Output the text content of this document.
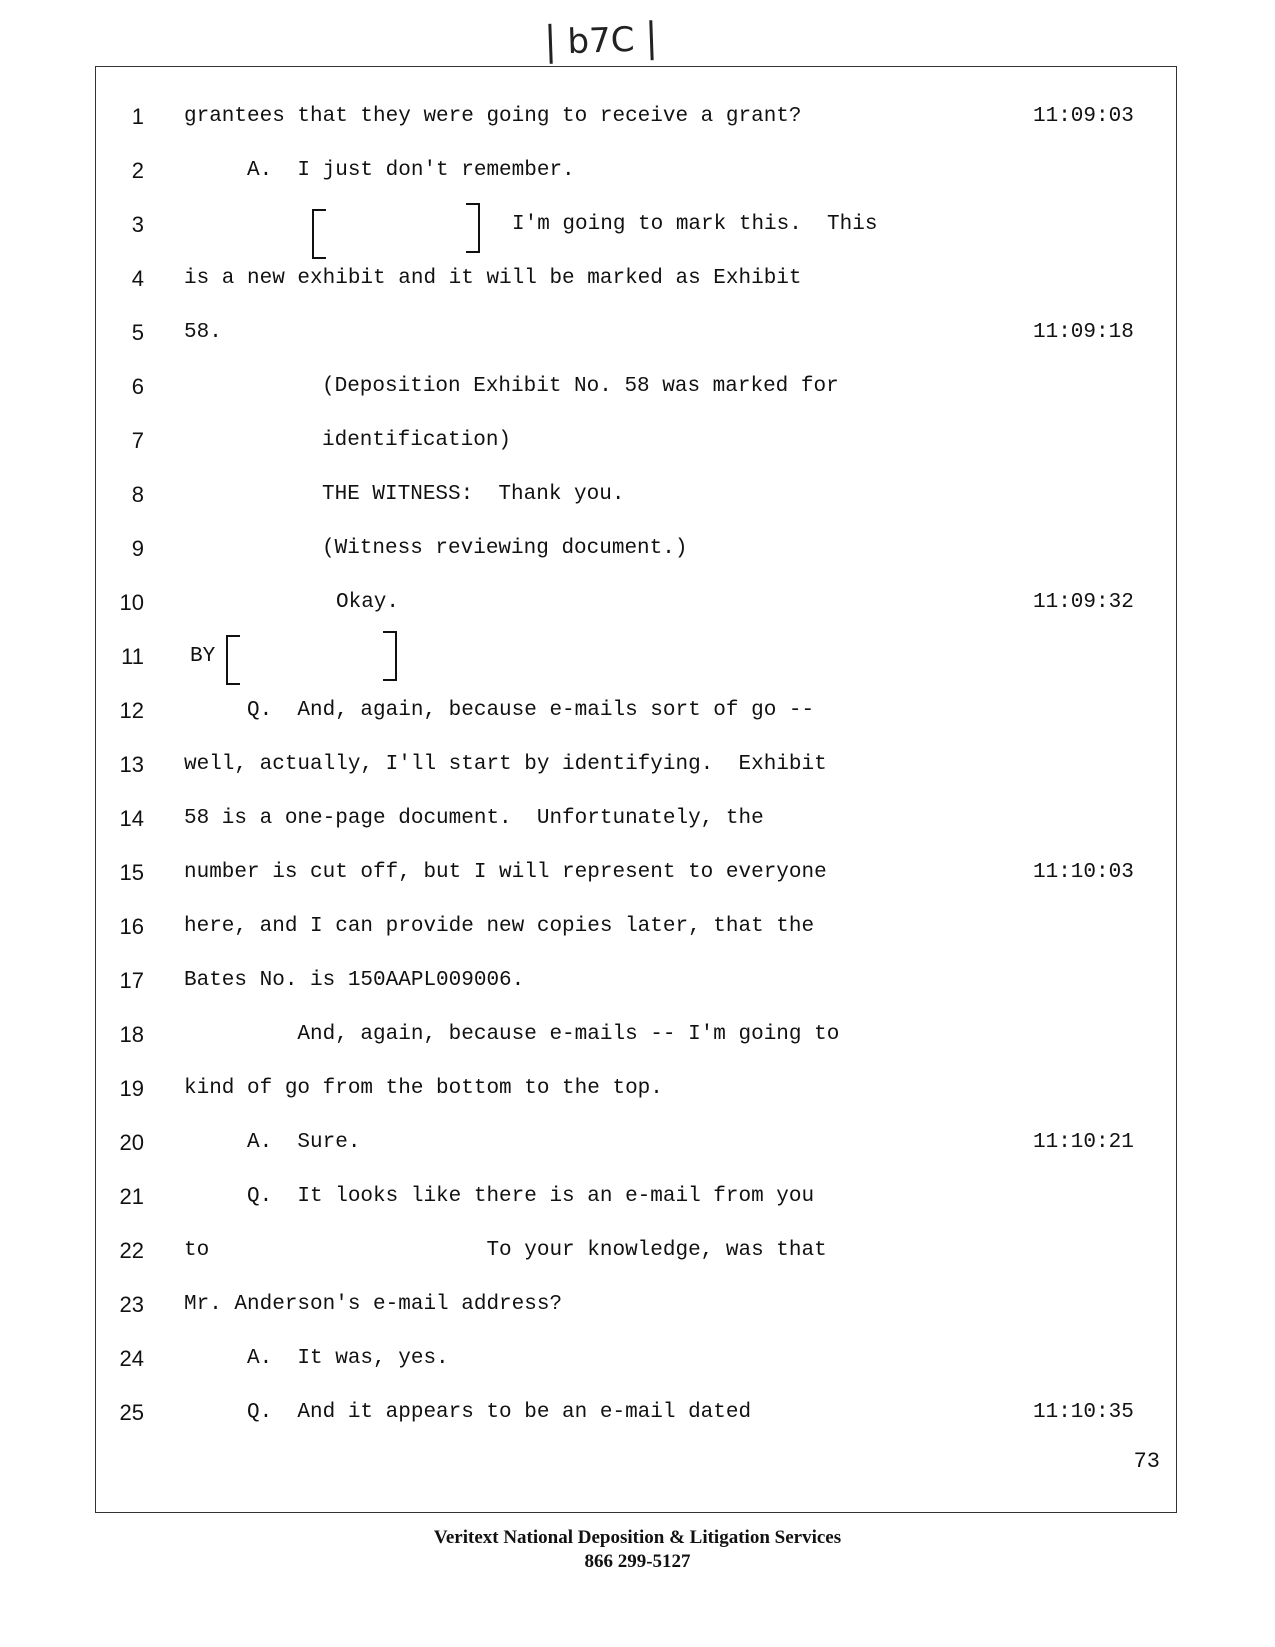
b7C
1 grantees that they were going to receive a grant?	11:09:03
2 A.  I just don't remember.
3	I'm going to mark this.  This
4 is a new exhibit and it will be marked as Exhibit
5 58.	11:09:18
6	(Deposition Exhibit No. 58 was marked for
7	identification)
8	THE WITNESS:  Thank you.
9	(Witness reviewing document.)
10	Okay.	11:09:32
11 BY
12 Q.  And, again, because e-mails sort of go --
13 well, actually, I'll start by identifying.  Exhibit
14 58 is a one-page document.  Unfortunately, the
15 number is cut off, but I will represent to everyone	11:10:03
16 here, and I can provide new copies later, that the
17 Bates No. is 150AAPL009006.
18 And, again, because e-mails -- I'm going to
19 kind of go from the bottom to the top.
20 A.  Sure.	11:10:21
21 Q.  It looks like there is an e-mail from you
22 to                      To your knowledge, was that
23 Mr. Anderson's e-mail address?
24 A.  It was, yes.
25 Q.  And it appears to be an e-mail dated	11:10:35
73
Veritext National Deposition & Litigation Services
866 299-5127
